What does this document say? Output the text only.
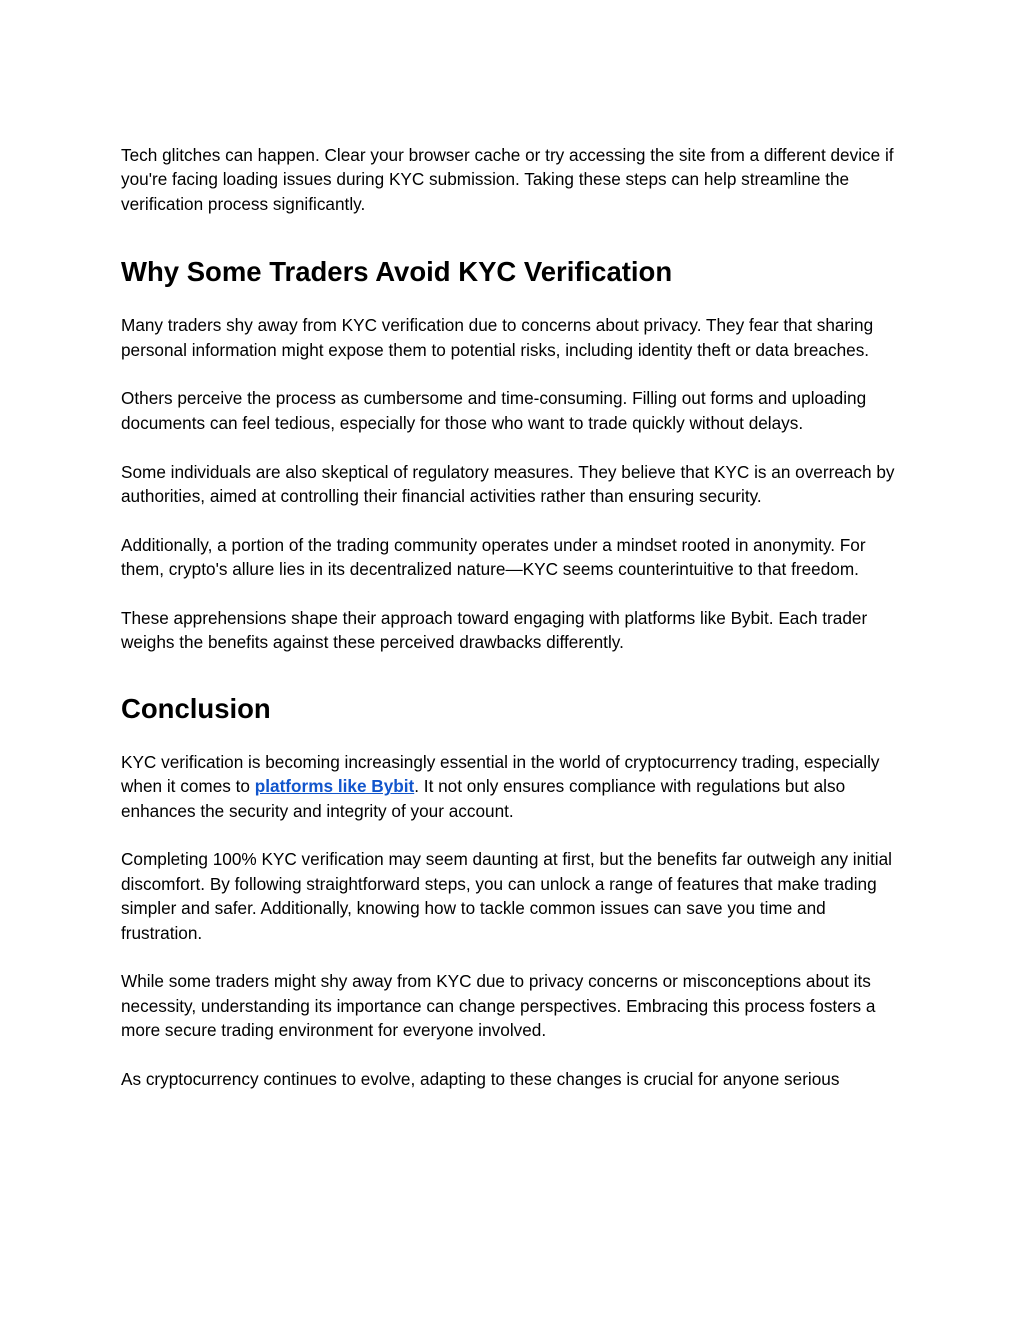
Tech glitches can happen. Clear your browser cache or try accessing the site from a different device if you're facing loading issues during KYC submission. Taking these steps can help streamline the verification process significantly.

Why Some Traders Avoid KYC Verification

Many traders shy away from KYC verification due to concerns about privacy. They fear that sharing personal information might expose them to potential risks, including identity theft or data breaches.

Others perceive the process as cumbersome and time-consuming. Filling out forms and uploading documents can feel tedious, especially for those who want to trade quickly without delays.

Some individuals are also skeptical of regulatory measures. They believe that KYC is an overreach by authorities, aimed at controlling their financial activities rather than ensuring security.

Additionally, a portion of the trading community operates under a mindset rooted in anonymity. For them, crypto's allure lies in its decentralized nature—KYC seems counterintuitive to that freedom.

These apprehensions shape their approach toward engaging with platforms like Bybit. Each trader weighs the benefits against these perceived drawbacks differently.

Conclusion

KYC verification is becoming increasingly essential in the world of cryptocurrency trading, especially when it comes to platforms like Bybit. It not only ensures compliance with regulations but also enhances the security and integrity of your account.

Completing 100% KYC verification may seem daunting at first, but the benefits far outweigh any initial discomfort. By following straightforward steps, you can unlock a range of features that make trading simpler and safer. Additionally, knowing how to tackle common issues can save you time and frustration.

While some traders might shy away from KYC due to privacy concerns or misconceptions about its necessity, understanding its importance can change perspectives. Embracing this process fosters a more secure trading environment for everyone involved.

As cryptocurrency continues to evolve, adapting to these changes is crucial for anyone serious
